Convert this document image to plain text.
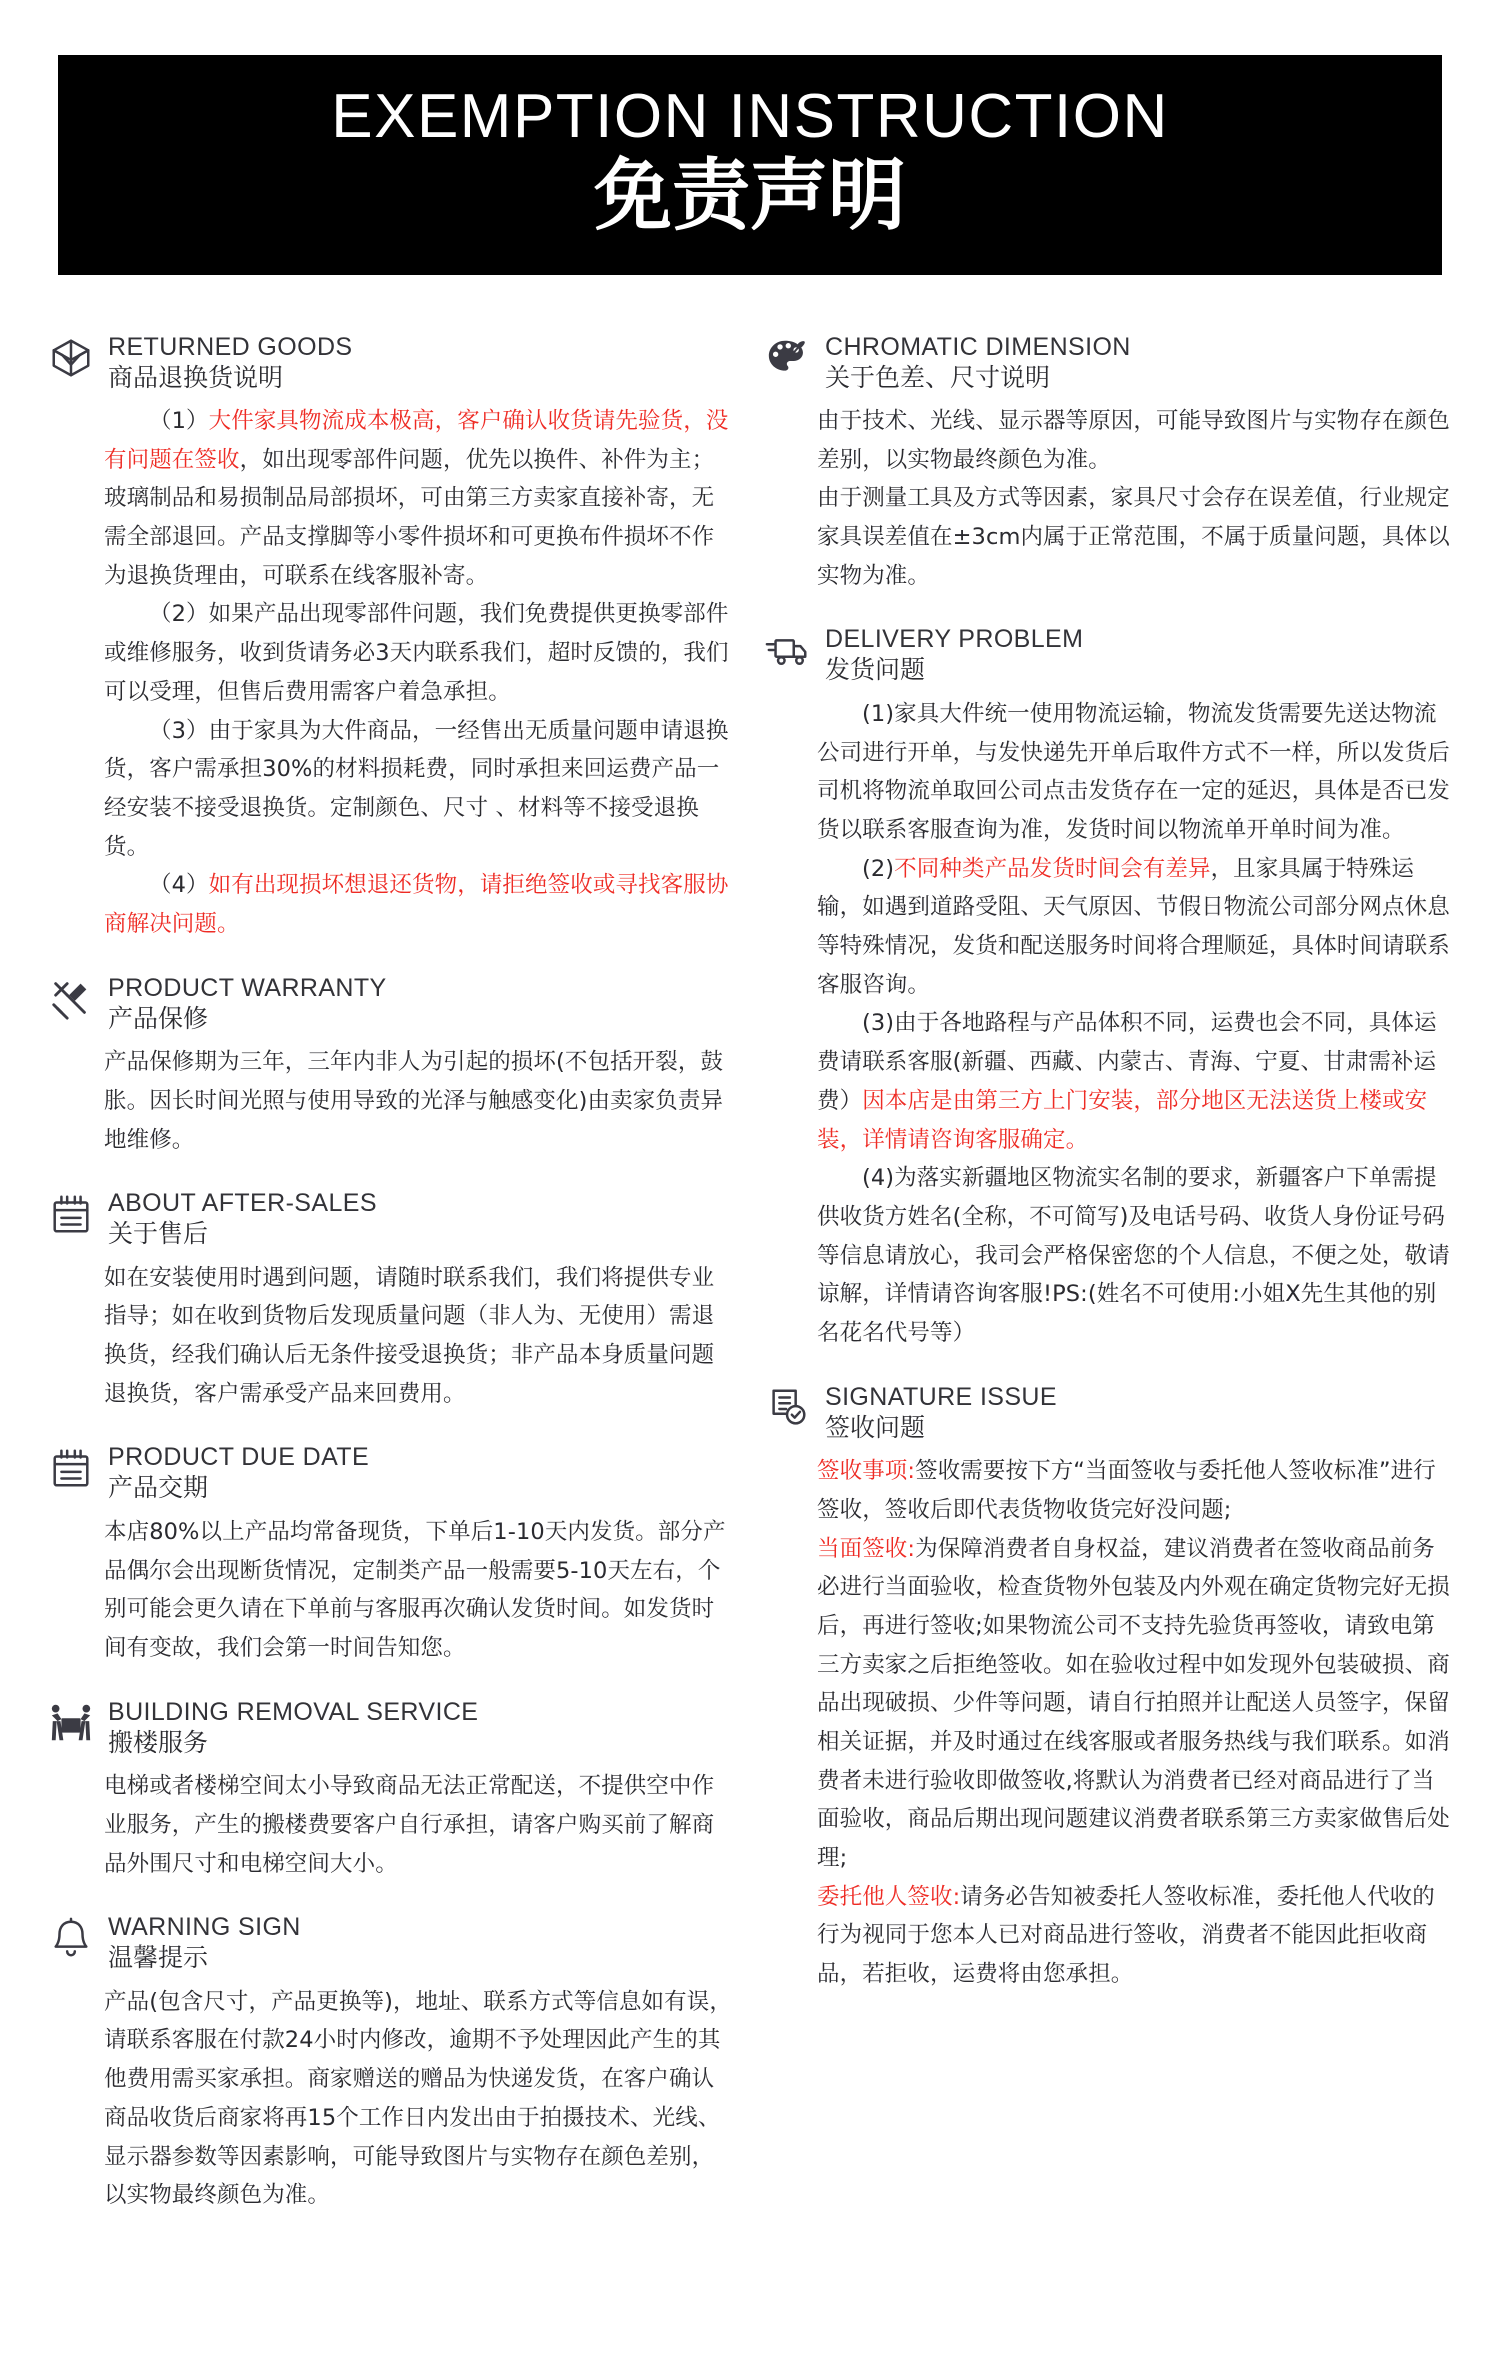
EXEMPTION INSTRUCTION
免责声明
RETURNED GOODS
商品退换货说明

（1）大件家具物流成本极高，客户确认收货请先验货，没有问题在签收，如出现零部件问题，优先以换件、补件为主；玻璃制品和易损制品局部损坏，可由第三方卖家直接补寄，无需全部退回。产品支撑脚等小零件损坏和可更换布件损坏不作为退换货理由，可联系在线客服补寄。

（2）如果产品出现零部件问题，我们免费提供更换零部件或维修服务，收到货请务必3天内联系我们，超时反馈的，我们可以受理，但售后费用需客户着急承担。

（3）由于家具为大件商品，一经售出无质量问题申请退换货，客户需承担30%的材料损耗费，同时承担来回运费产品一经安装不接受退换货。定制颜色、尺寸 、材料等不接受退换货。

（4）如有出现损坏想退还货物，请拒绝签收或寻找客服协商解决问题。

PRODUCT WARRANTY
产品保修

产品保修期为三年，三年内非人为引起的损坏(不包括开裂，鼓胀。因长时间光照与使用导致的光泽与触感变化)由卖家负责异地维修。

ABOUT AFTER-SALES
关于售后

如在安装使用时遇到问题，请随时联系我们，我们将提供专业指导；如在收到货物后发现质量问题（非人为、无使用）需退换货，经我们确认后无条件接受退换货；非产品本身质量问题退换货，客户需承受产品来回费用。

PRODUCT DUE DATE
产品交期

本店80%以上产品均常备现货，下单后1-10天内发货。部分产品偶尔会出现断货情况，定制类产品一般需要5-10天左右，个别可能会更久请在下单前与客服再次确认发货时间。如发货时间有变故，我们会第一时间告知您。

BUILDING REMOVAL SERVICE
搬楼服务

电梯或者楼梯空间太小导致商品无法正常配送，不提供空中作业服务，产生的搬楼费要客户自行承担，请客户购买前了解商品外围尺寸和电梯空间大小。

WARNING SIGN
温馨提示

产品(包含尺寸，产品更换等)，地址、联系方式等信息如有误，请联系客服在付款24小时内修改，逾期不予处理因此产生的其他费用需买家承担。商家赠送的赠品为快递发货，在客户确认商品收货后商家将再15个工作日内发出由于拍摄技术、光线、显示器参数等因素影响，可能导致图片与实物存在颜色差别，以实物最终颜色为准。

CHROMATIC DIMENSION
关于色差、尺寸说明

由于技术、光线、显示器等原因，可能导致图片与实物存在颜色差别，以实物最终颜色为准。

由于测量工具及方式等因素，家具尺寸会存在误差值，行业规定家具误差值在±3cm内属于正常范围，不属于质量问题，具体以实物为准。

DELIVERY PROBLEM
发货问题

(1)家具大件统一使用物流运输，物流发货需要先送达物流公司进行开单，与发快递先开单后取件方式不一样，所以发货后司机将物流单取回公司点击发货存在一定的延迟，具体是否已发货以联系客服查询为准，发货时间以物流单开单时间为准。

(2)不同种类产品发货时间会有差异，且家具属于特殊运输，如遇到道路受阻、天气原因、节假日物流公司部分网点休息等特殊情况，发货和配送服务时间将合理顺延，具体时间请联系客服咨询。

(3)由于各地路程与产品体积不同，运费也会不同，具体运费请联系客服(新疆、西藏、内蒙古、青海、宁夏、甘肃需补运费）因本店是由第三方上门安装，部分地区无法送货上楼或安装，详情请咨询客服确定。

(4)为落实新疆地区物流实名制的要求，新疆客户下单需提供收货方姓名(全称，不可简写)及电话号码、收货人身份证号码等信息请放心，我司会严格保密您的个人信息，不便之处，敬请谅解，详情请咨询客服!PS:(姓名不可使用:小姐X先生其他的别名花名代号等）

SIGNATURE ISSUE
签收问题

签收事项:签收需要按下方“当面签收与委托他人签收标准”进行签收，签收后即代表货物收货完好没问题;

当面签收:为保障消费者自身权益，建议消费者在签收商品前务必进行当面验收，检查货物外包装及内外观在确定货物完好无损后，再进行签收;如果物流公司不支持先验货再签收，请致电第三方卖家之后拒绝签收。如在验收过程中如发现外包装破损、商品出现破损、少件等问题，请自行拍照并让配送人员签字，保留相关证据，并及时通过在线客服或者服务热线与我们联系。如消费者未进行验收即做签收,将默认为消费者已经对商品进行了当面验收，商品后期出现问题建议消费者联系第三方卖家做售后处理;

委托他人签收:请务必告知被委托人签收标准，委托他人代收的行为视同于您本人已对商品进行签收，消费者不能因此拒收商品，若拒收，运费将由您承担。
